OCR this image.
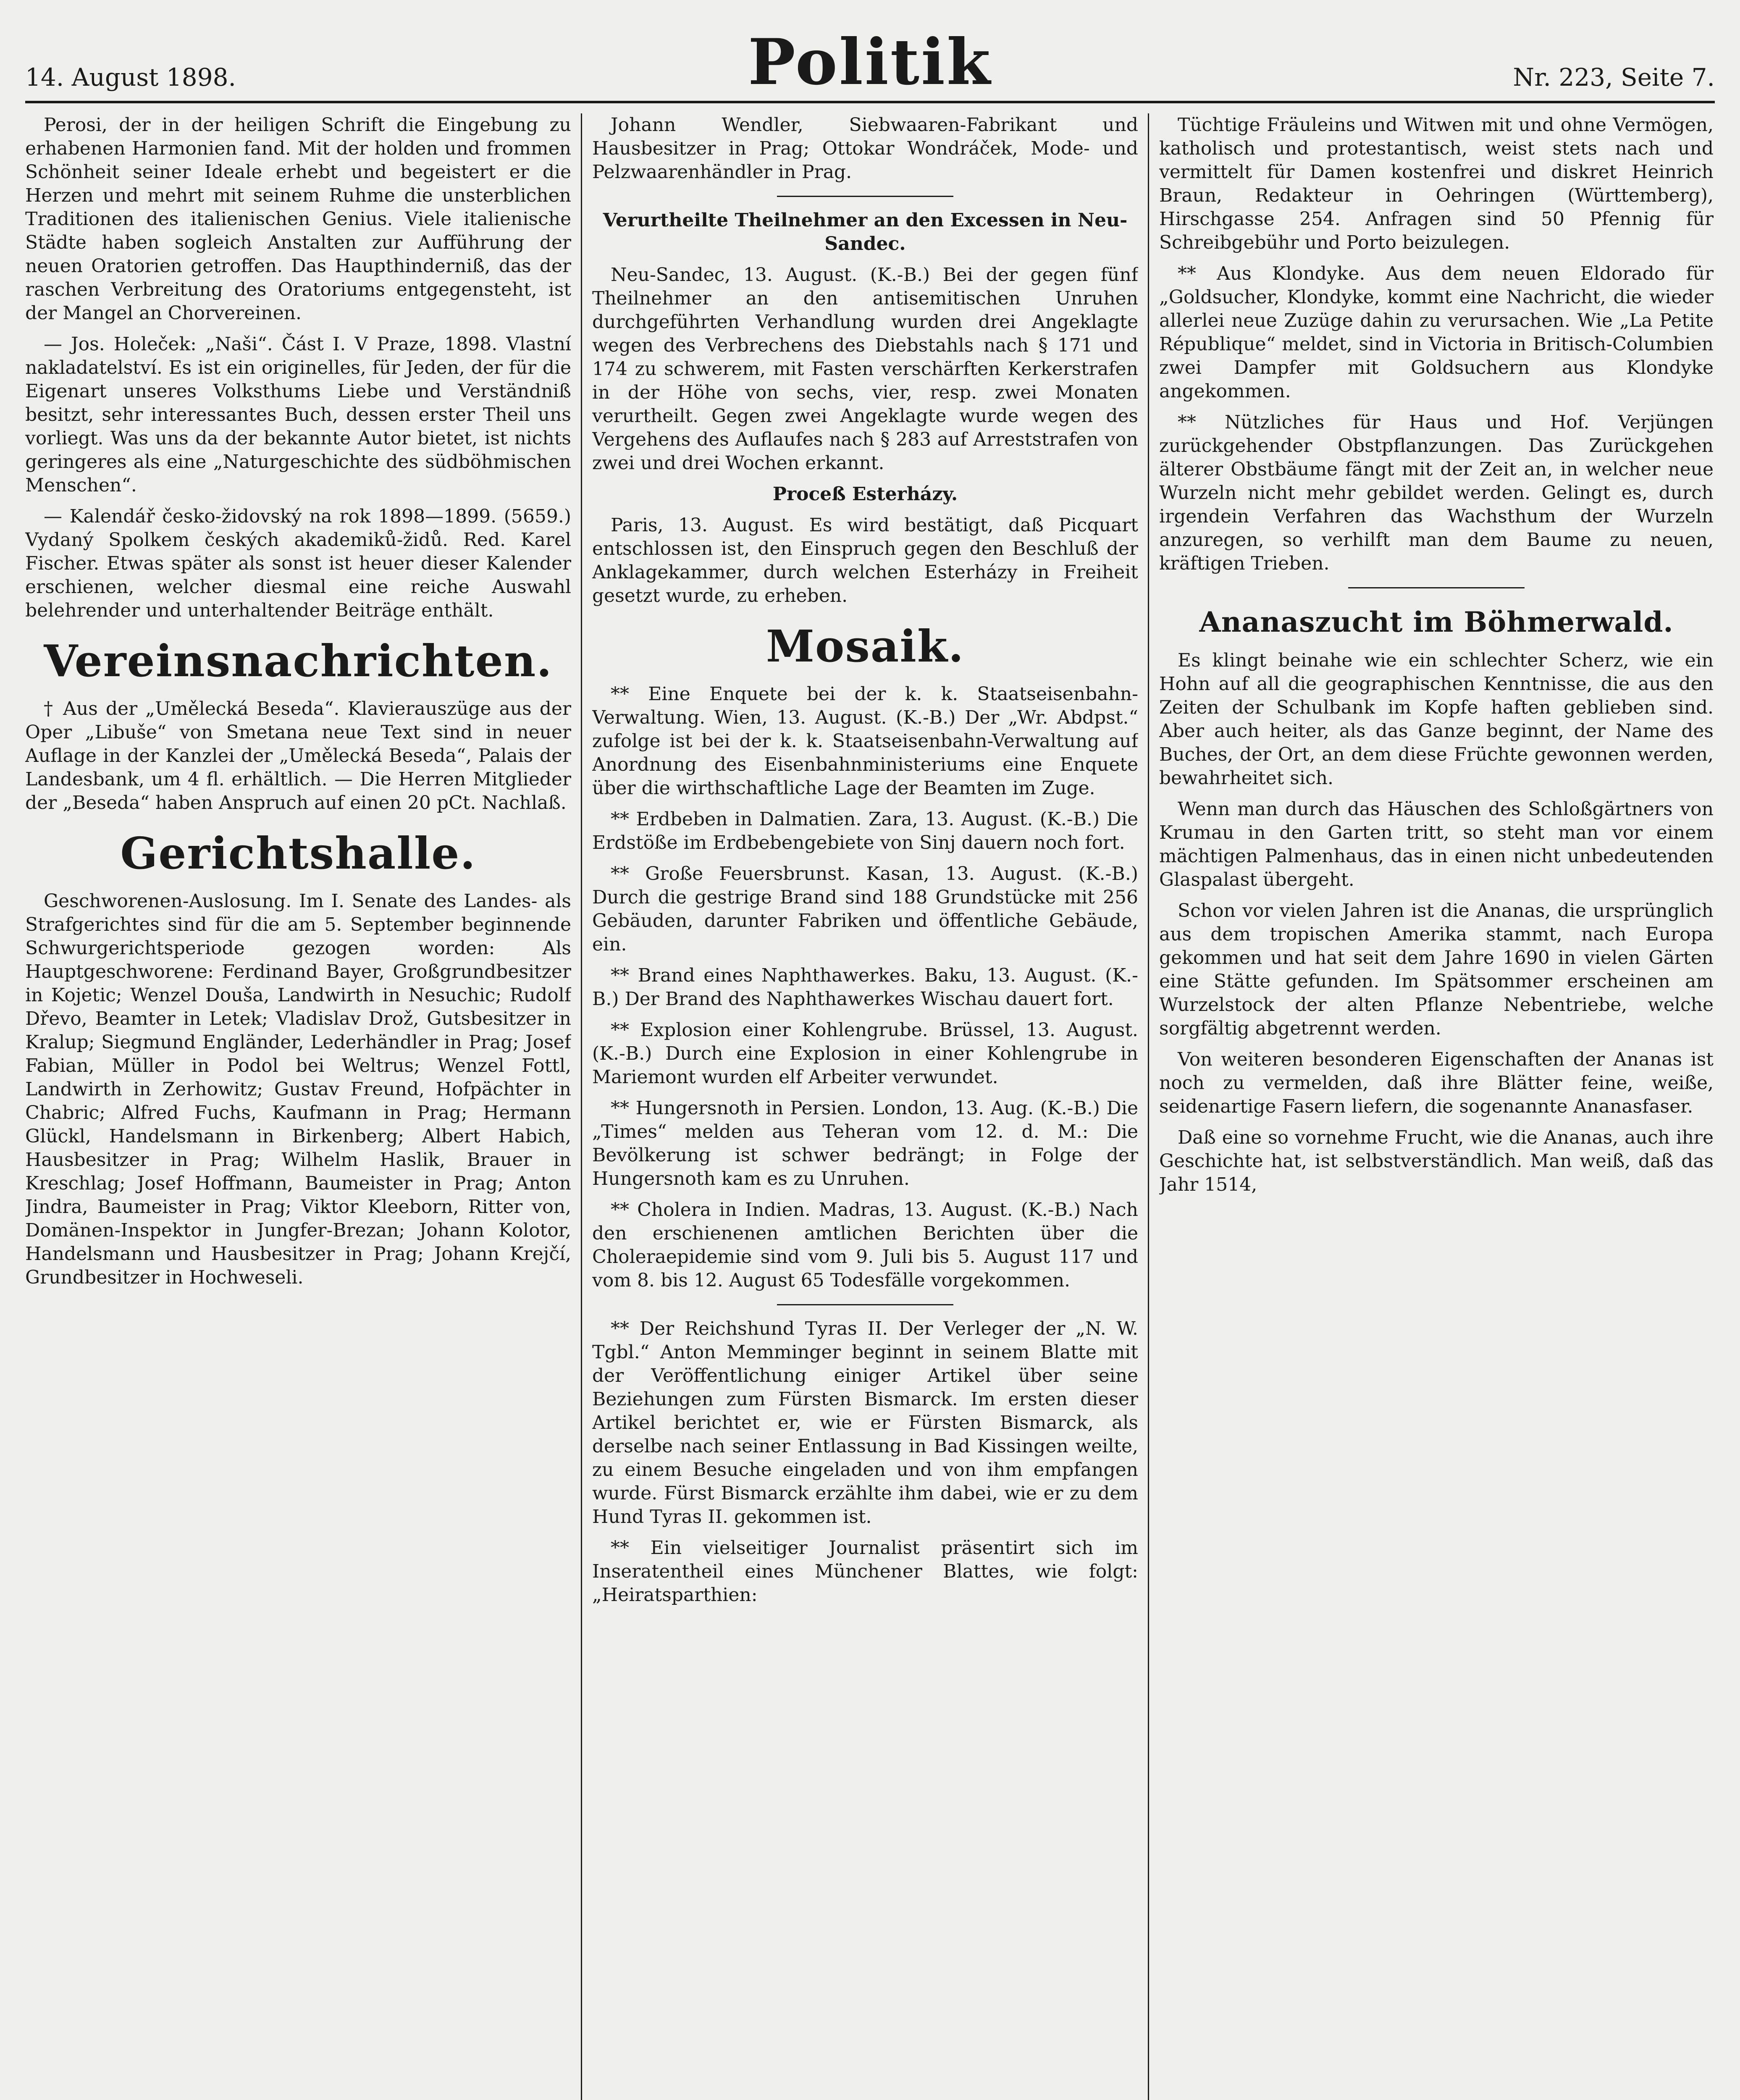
14. August 1898.	Politik	Nr. 223, Seite 7.

Perosi, der in der heiligen Schrift die Eingebung zu erhabenen Harmonien fand. Mit der holden und frommen Schönheit seiner Ideale erhebt und begeistert er die Herzen und mehrt mit seinem Ruhme die unsterblichen Traditionen des italienischen Genius. Viele italienische Städte haben sogleich Anstalten zur Aufführung der neuen Oratorien getroffen. Das Haupthinderniß, das der raschen Verbreitung des Oratoriums entgegensteht, ist der Mangel an Chorvereinen.

— Jos. Holeček: „Naši“. Část I. V Praze, 1898. Vlastní nakladatelství. Es ist ein originelles, für Jeden, der für die Eigenart unseres Volksthums Liebe und Verständniß besitzt, sehr interessantes Buch, dessen erster Theil uns vorliegt. Was uns da der bekannte Autor bietet, ist nichts geringeres als eine „Naturgeschichte des südböhmischen Menschen“.

— Kalendář česko-židovský na rok 1898—1899. (5659.) Vydaný Spolkem českých akademiků-židů. Red. Karel Fischer. Etwas später als sonst ist heuer dieser Kalender erschienen, welcher diesmal eine reiche Auswahl belehrender und unterhaltender Beiträge enthält.

Vereinsnachrichten.

† Aus der „Umělecká Beseda“. Klavierauszüge aus der Oper „Libuše“ von Smetana neue Text sind in neuer Auflage in der Kanzlei der „Umělecká Beseda“, Palais der Landesbank, um 4 fl. erhältlich. — Die Herren Mitglieder der „Beseda“ haben Anspruch auf einen 20 pCt. Nachlaß.

Gerichtshalle.

Geschworenen-Auslosung. Im I. Senate des Landes- als Strafgerichtes sind für die am 5. September beginnende Schwurgerichtsperiode gezogen worden: Als Hauptgeschworene: Ferdinand Bayer, Großgrundbesitzer in Kojetic; Wenzel Douša, Landwirth in Nesuchic; Rudolf Dřevo, Beamter in Letek; Vladislav Drož, Gutsbesitzer in Kralup; Siegmund Engländer, Lederhändler in Prag; Josef Fabian, Müller in Podol bei Weltrus; Wenzel Fottl, Landwirth in Zerhowitz; Gustav Freund, Hofpächter in Chabric; Alfred Fuchs, Kaufmann in Prag; Hermann Glückl, Handelsmann in Birkenberg; Albert Habich, Hausbesitzer in Prag; Wilhelm Haslik, Brauer in Kreschlag; Josef Hoffmann, Baumeister in Prag; Anton Jindra, Baumeister in Prag; Viktor Kleeborn, Ritter von, Domänen-Inspektor in Jungfer-Brezan; Johann Kolotor, Handelsmann und Hausbesitzer in Prag; Johann Krejčí, Grundbesitzer in Hochweseli.

Johann Wendler, Siebwaaren-Fabrikant und Hausbesitzer in Prag; Ottokar Wondráček, Mode- und Pelzwaarenhändler in Prag.

Verurtheilte Theilnehmer an den Excessen in Neu-Sandec.

Neu-Sandec, 13. August. (K.-B.) Bei der gegen fünf Theilnehmer an den antisemitischen Unruhen durchgeführten Verhandlung wurden drei Angeklagte wegen des Verbrechens des Diebstahls nach § 171 und 174 zu schwerem, mit Fasten verschärften Kerkerstrafen in der Höhe von sechs, vier, resp. zwei Monaten verurtheilt. Gegen zwei Angeklagte wurde wegen des Vergehens des Auflaufes nach § 283 auf Arreststrafen von zwei und drei Wochen erkannt.

Proceß Esterházy.

Paris, 13. August. Es wird bestätigt, daß Picquart entschlossen ist, den Einspruch gegen den Beschluß der Anklagekammer, durch welchen Esterházy in Freiheit gesetzt wurde, zu erheben.

Mosaik.

** Eine Enquete bei der k. k. Staatseisenbahn-Verwaltung. Wien, 13. August. (K.-B.) Der „Wr. Abdpst.“ zufolge ist bei der k. k. Staatseisenbahn-Verwaltung auf Anordnung des Eisenbahnministeriums eine Enquete über die wirthschaftliche Lage der Beamten im Zuge.

** Erdbeben in Dalmatien. Zara, 13. August. (K.-B.) Die Erdstöße im Erdbebengebiete von Sinj dauern noch fort.

** Große Feuersbrunst. Kasan, 13. August. (K.-B.) Durch die gestrige Brand sind 188 Grundstücke mit 256 Gebäuden, darunter Fabriken und öffentliche Gebäude, ein.

** Brand eines Naphthawerkes. Baku, 13. August. (K.-B.) Der Brand des Naphthawerkes Wischau dauert fort.

** Explosion einer Kohlengrube. Brüssel, 13. August. (K.-B.) Durch eine Explosion in einer Kohlengrube in Mariemont wurden elf Arbeiter verwundet.

** Hungersnoth in Persien. London, 13. Aug. (K.-B.) Die „Times“ melden aus Teheran vom 12. d. M.: Die Bevölkerung ist schwer bedrängt; in Folge der Hungersnoth kam es zu Unruhen.

** Cholera in Indien. Madras, 13. August. (K.-B.) Nach den erschienenen amtlichen Berichten über die Choleraepidemie sind vom 9. Juli bis 5. August 117 und vom 8. bis 12. August 65 Todesfälle vorgekommen.

** Der Reichshund Tyras II. Der Verleger der „N. W. Tgbl.“ Anton Memminger beginnt in seinem Blatte mit der Veröffentlichung einiger Artikel über seine Beziehungen zum Fürsten Bismarck. Im ersten dieser Artikel berichtet er, wie er Fürsten Bismarck, als derselbe nach seiner Entlassung in Bad Kissingen weilte, zu einem Besuche eingeladen und von ihm empfangen wurde. Fürst Bismarck erzählte ihm dabei, wie er zu dem Hund Tyras II. gekommen ist.

** Ein vielseitiger Journalist präsentirt sich im Inseratentheil eines Münchener Blattes, wie folgt: „Heiratsparthien:

Tüchtige Fräuleins und Witwen mit und ohne Vermögen, katholisch und protestantisch, weist stets nach und vermittelt für Damen kostenfrei und diskret Heinrich Braun, Redakteur in Oehringen (Württemberg), Hirschgasse 254. Anfragen sind 50 Pfennig für Schreibgebühr und Porto beizulegen.

** Aus Klondyke. Aus dem neuen Eldorado für „Goldsucher, Klondyke, kommt eine Nachricht, die wieder allerlei neue Zuzüge dahin zu verursachen. Wie „La Petite République“ meldet, sind in Victoria in Britisch-Columbien zwei Dampfer mit Goldsuchern aus Klondyke angekommen.

** Nützliches für Haus und Hof. Verjüngen zurückgehender Obstpflanzungen. Das Zurückgehen älterer Obstbäume fängt mit der Zeit an, in welcher neue Wurzeln nicht mehr gebildet werden. Gelingt es, durch irgendein Verfahren das Wachsthum der Wurzeln anzuregen, so verhilft man dem Baume zu neuen, kräftigen Trieben.

Ananaszucht im Böhmerwald.

Es klingt beinahe wie ein schlechter Scherz, wie ein Hohn auf all die geographischen Kenntnisse, die aus den Zeiten der Schulbank im Kopfe haften geblieben sind. Aber auch heiter, als das Ganze beginnt, der Name des Buches, der Ort, an dem diese Früchte gewonnen werden, bewahrheitet sich.

Wenn man durch das Häuschen des Schloßgärtners von Krumau in den Garten tritt, so steht man vor einem mächtigen Palmenhaus, das in einen nicht unbedeutenden Glaspalast übergeht.

Schon vor vielen Jahren ist die Ananas, die ursprünglich aus dem tropischen Amerika stammt, nach Europa gekommen und hat seit dem Jahre 1690 in vielen Gärten eine Stätte gefunden. Im Spätsommer erscheinen am Wurzelstock der alten Pflanze Nebentriebe, welche sorgfältig abgetrennt werden.

Von weiteren besonderen Eigenschaften der Ananas ist noch zu vermelden, daß ihre Blätter feine, weiße, seidenartige Fasern liefern, die sogenannte Ananasfaser.

Daß eine so vornehme Frucht, wie die Ananas, auch ihre Geschichte hat, ist selbstverständlich. Man weiß, daß das Jahr 1514,
